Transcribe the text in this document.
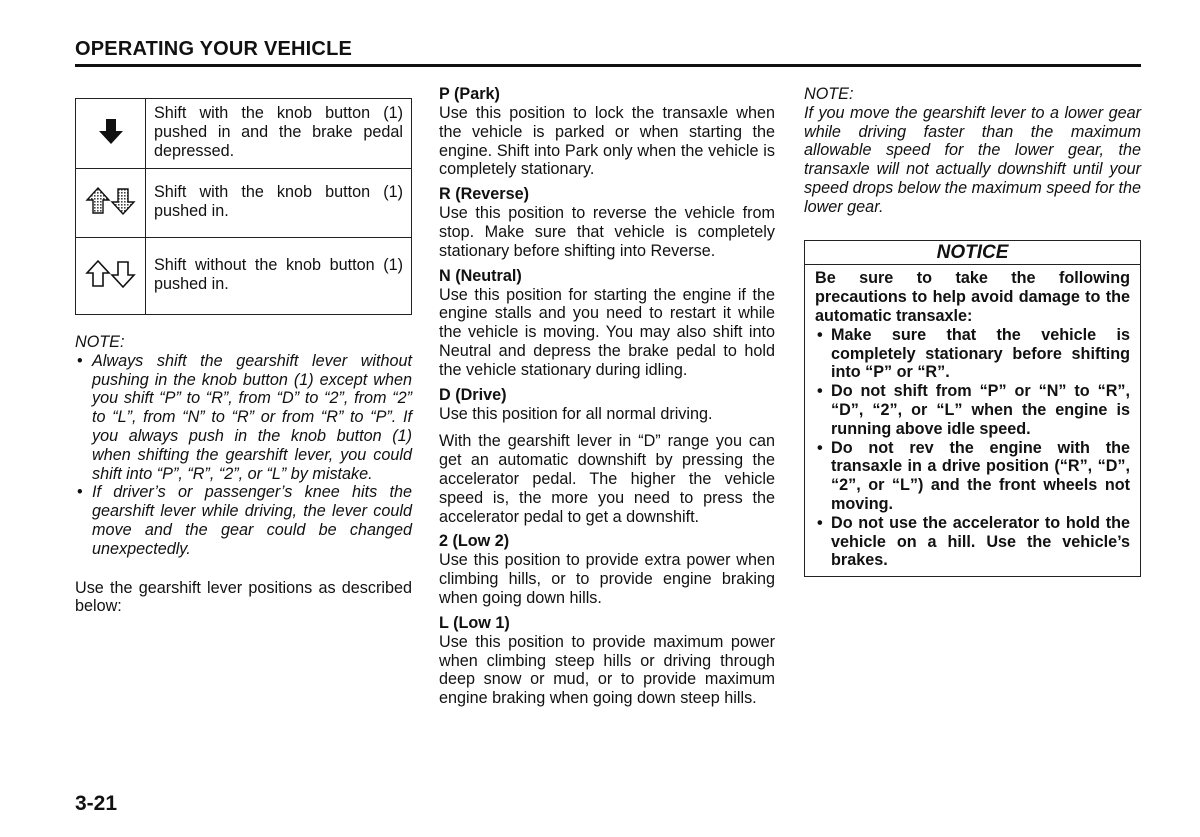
OPERATING YOUR VEHICLE
	Shift with the knob button (1) pushed in and the brake pedal depressed.
	Shift with the knob button (1) pushed in.
	Shift without the knob button (1) pushed in.
NOTE:
• Always shift the gearshift lever without pushing in the knob button (1) except when you shift “P” to “R”, from “D” to “2”, from “2” to “L”, from “N” to “R” or from “R” to “P”. If you always push in the knob button (1) when shifting the gearshift lever, you could shift into “P”, “R”, “2”, or “L” by mistake.
• If driver’s or passenger’s knee hits the gearshift lever while driving, the lever could move and the gear could be changed unexpectedly.
Use the gearshift lever positions as described below:
P (Park)

Use this position to lock the transaxle when the vehicle is parked or when starting the engine. Shift into Park only when the vehicle is completely stationary.

R (Reverse)

Use this position to reverse the vehicle from stop. Make sure that vehicle is completely stationary before shifting into Reverse.

N (Neutral)

Use this position for starting the engine if the engine stalls and you need to restart it while the vehicle is moving. You may also shift into Neutral and depress the brake pedal to hold the vehicle stationary during idling.

D (Drive)

Use this position for all normal driving.

With the gearshift lever in “D” range you can get an automatic downshift by pressing the accelerator pedal. The higher the vehicle speed is, the more you need to press the accelerator pedal to get a downshift.

2 (Low 2)

Use this position to provide extra power when climbing hills, or to provide engine braking when going down hills.

L (Low 1)

Use this position to provide maximum power when climbing steep hills or driving through deep snow or mud, or to provide maximum engine braking when going down steep hills.

NOTE:
If you move the gearshift lever to a lower gear while driving faster than the maximum allowable speed for the lower gear, the transaxle will not actually downshift until your speed drops below the maximum speed for the lower gear.
NOTICE
Be sure to take the following precautions to help avoid damage to the automatic transaxle:
• Make sure that the vehicle is completely stationary before shifting into “P” or “R”.
• Do not shift from “P” or “N” to “R”, “D”, “2”, or “L” when the engine is running above idle speed.
• Do not rev the engine with the transaxle in a drive position (“R”, “D”, “2”, or “L”) and the front wheels not moving.
• Do not use the accelerator to hold the vehicle on a hill. Use the vehicle’s brakes.
3-21
